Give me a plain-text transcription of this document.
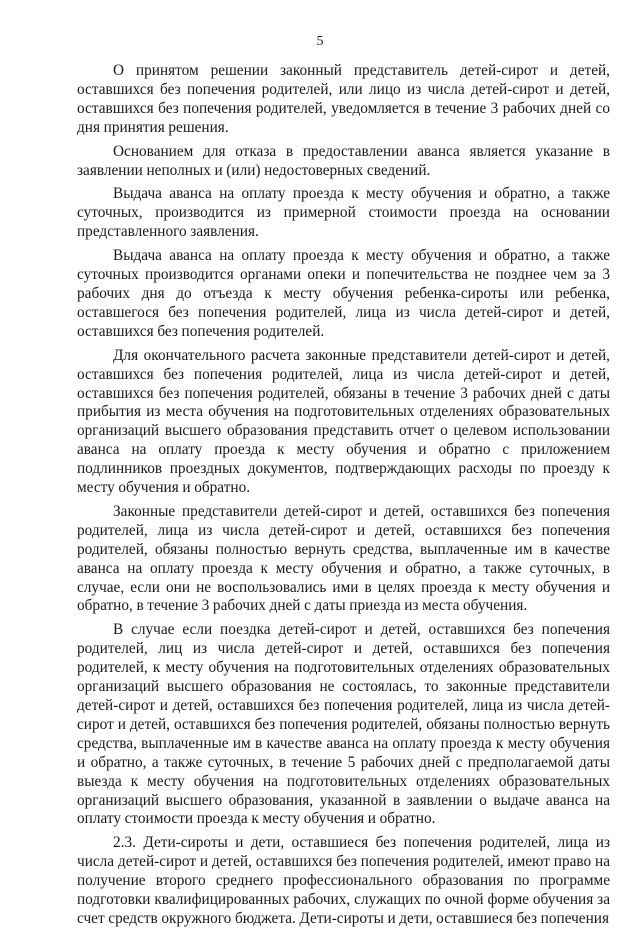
5

О принятом решении законный представитель детей-сирот и детей, оставшихся без попечения родителей, или лицо из числа детей-сирот и детей, оставшихся без попечения родителей, уведомляется в течение 3 рабочих дней со дня принятия решения.

Основанием для отказа в предоставлении аванса является указание в заявлении неполных и (или) недостоверных сведений.

Выдача аванса на оплату проезда к месту обучения и обратно, а также суточных, производится из примерной стоимости проезда на основании представленного заявления.

Выдача аванса на оплату проезда к месту обучения и обратно, а также суточных производится органами опеки и попечительства не позднее чем за 3 рабочих дня до отъезда к месту обучения ребенка-сироты или ребенка, оставшегося без попечения родителей, лица из числа детей-сирот и детей, оставшихся без попечения родителей.

Для окончательного расчета законные представители детей-сирот и детей, оставшихся без попечения родителей, лица из числа детей-сирот и детей, оставшихся без попечения родителей, обязаны в течение 3 рабочих дней с даты прибытия из места обучения на подготовительных отделениях образовательных организаций высшего образования представить отчет о целевом использовании аванса на оплату проезда к месту обучения и обратно с приложением подлинников проездных документов, подтверждающих расходы по проезду к месту обучения и обратно.

Законные представители детей-сирот и детей, оставшихся без попечения родителей, лица из числа детей-сирот и детей, оставшихся без попечения родителей, обязаны полностью вернуть средства, выплаченные им в качестве аванса на оплату проезда к месту обучения и обратно, а также суточных, в случае, если они не воспользовались ими в целях проезда к месту обучения и обратно, в течение 3 рабочих дней с даты приезда из места обучения.

В случае если поездка детей-сирот и детей, оставшихся без попечения родителей, лиц из числа детей-сирот и детей, оставшихся без попечения родителей, к месту обучения на подготовительных отделениях образовательных организаций высшего образования не состоялась, то законные представители детей-сирот и детей, оставшихся без попечения родителей, лица из числа детей-сирот и детей, оставшихся без попечения родителей, обязаны полностью вернуть средства, выплаченные им в качестве аванса на оплату проезда к месту обучения и обратно, а также суточных, в течение 5 рабочих дней с предполагаемой даты выезда к месту обучения на подготовительных отделениях образовательных организаций высшего образования, указанной в заявлении о выдаче аванса на оплату стоимости проезда к месту обучения и обратно.

2.3. Дети-сироты и дети, оставшиеся без попечения родителей, лица из числа детей-сирот и детей, оставшихся без попечения родителей, имеют право на получение второго среднего профессионального образования по программе подготовки квалифицированных рабочих, служащих по очной форме обучения за счет средств окружного бюджета. Дети-сироты и дети, оставшиеся без попечения
